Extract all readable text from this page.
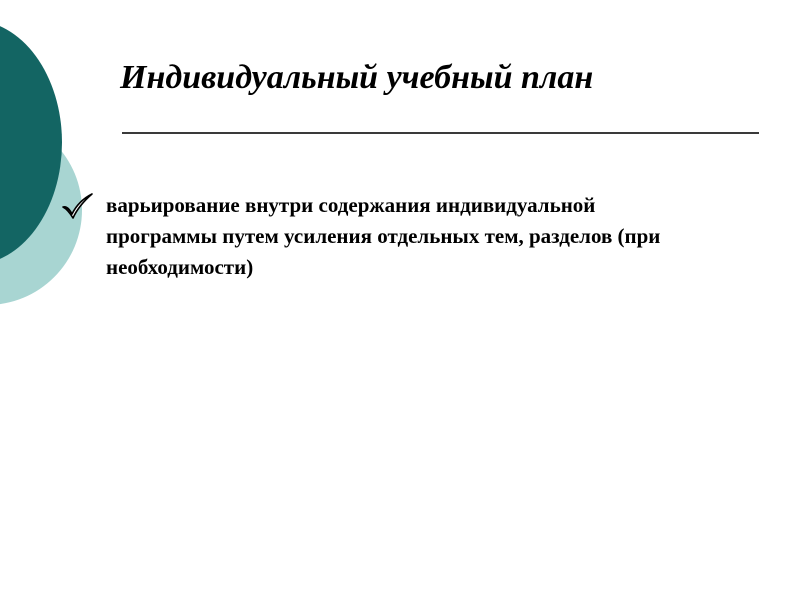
Индивидуальный учебный план
варьирование внутри содержания индивидуальной программы путем усиления отдельных тем, разделов (при необходимости)
